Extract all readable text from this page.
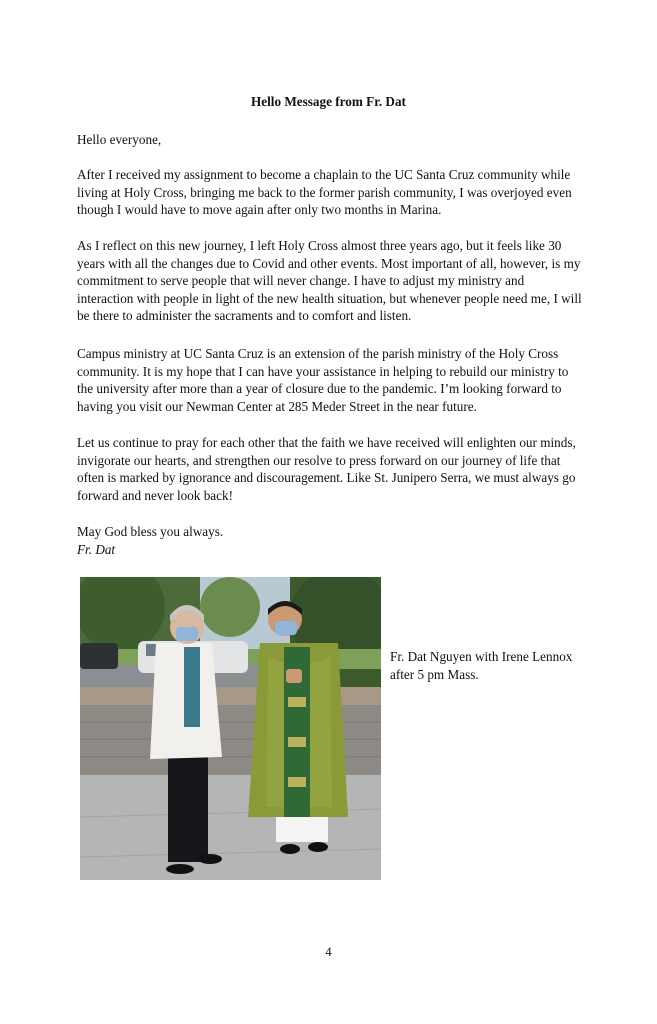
Hello Message from Fr. Dat

Hello everyone,

After I received my assignment to become a chaplain to the UC Santa Cruz community while living at Holy Cross, bringing me back to the former parish community, I was overjoyed even though I would have to move again after only two months in Marina.

As I reflect on this new journey, I left Holy Cross almost three years ago, but it feels like 30 years with all the changes due to Covid and other events. Most important of all, however, is my commitment to serve people that will never change. I have to adjust my ministry and interaction with people in light of the new health situation, but whenever people need me, I will be there to administer the sacraments and to comfort and listen.

Campus ministry at UC Santa Cruz is an extension of the parish ministry of the Holy Cross community. It is my hope that I can have your assistance in helping to rebuild our ministry to the university after more than a year of closure due to the pandemic. I’m looking forward to having you visit our Newman Center at 285 Meder Street in the near future.

Let us continue to pray for each other that the faith we have received will enlighten our minds, invigorate our hearts, and strengthen our resolve to press forward on our journey of life that often is marked by ignorance and discouragement. Like St. Junipero Serra, we must always go forward and never look back!

May God bless you always.

Fr. Dat

Fr. Dat Nguyen with Irene Lennox after 5 pm Mass.
4
